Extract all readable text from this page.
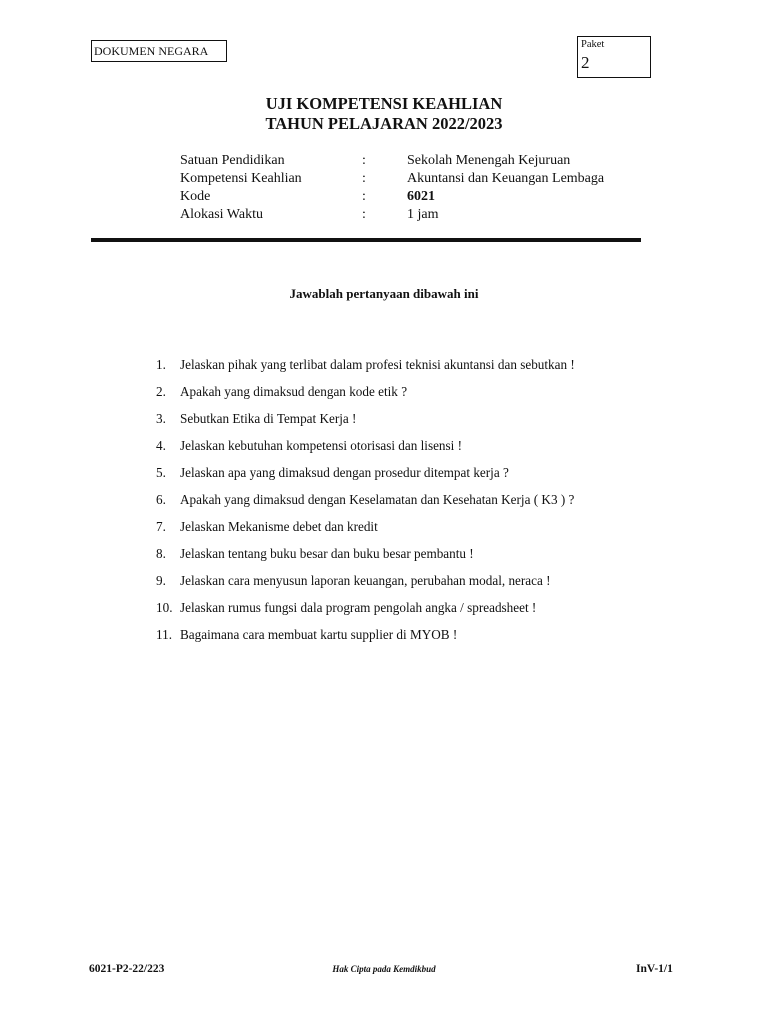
DOKUMEN NEGARA	Paket
2
UJI KOMPETENSI KEAHLIAN
TAHUN PELAJARAN 2022/2023
Satuan Pendidikan	:	Sekolah Menengah Kejuruan
Kompetensi Keahlian	:	Akuntansi dan Keuangan Lembaga
Kode	:	6021
Alokasi Waktu	:	1 jam
Jawablah pertanyaan dibawah ini
1.	Jelaskan pihak yang terlibat dalam profesi teknisi akuntansi dan sebutkan !
2.	Apakah yang dimaksud dengan kode etik ?
3.	Sebutkan Etika di Tempat Kerja !
4.	Jelaskan kebutuhan kompetensi otorisasi dan lisensi !
5.	Jelaskan apa yang dimaksud dengan prosedur ditempat kerja ?
6.	Apakah yang dimaksud dengan Keselamatan dan Kesehatan Kerja ( K3 ) ?
7.	Jelaskan Mekanisme debet dan kredit
8.	Jelaskan tentang buku besar dan buku besar pembantu !
9.	Jelaskan cara menyusun laporan keuangan, perubahan modal, neraca !
10. Jelaskan rumus fungsi dala program pengolah angka / spreadsheet !
11. Bagaimana cara membuat kartu supplier di MYOB !
6021-P2-22/223	Hak Cipta pada Kemdikbud	InV-1/1
